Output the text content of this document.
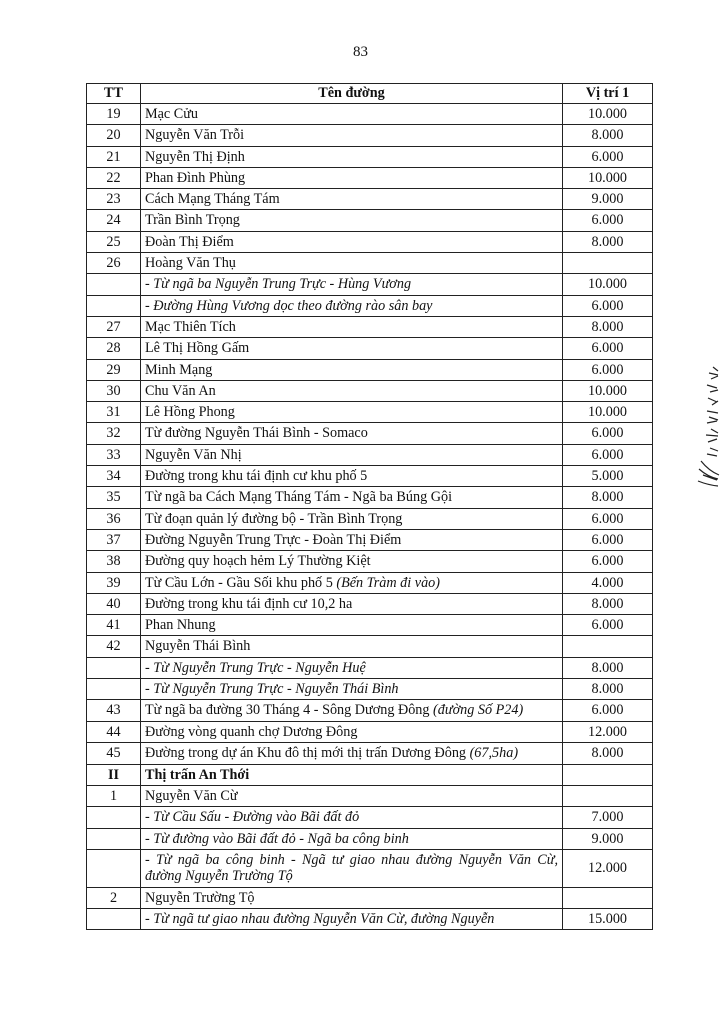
83
TT	Tên đường	Vị trí 1
19	Mạc Cửu	10.000
20	Nguyễn Văn Trỗi	8.000
21	Nguyễn Thị Định	6.000
22	Phan Đình Phùng	10.000
23	Cách Mạng Tháng Tám	9.000
24	Trần Bình Trọng	6.000
25	Đoàn Thị Điểm	8.000
26	Hoàng Văn Thụ	
	- Từ ngã ba Nguyễn Trung Trực - Hùng Vương	10.000
	- Đường Hùng Vương dọc theo đường rào sân bay	6.000
27	Mạc Thiên Tích	8.000
28	Lê Thị Hồng Gấm	6.000
29	Minh Mạng	6.000
30	Chu Văn An	10.000
31	Lê Hồng Phong	10.000
32	Từ đường Nguyễn Thái Bình - Somaco	6.000
33	Nguyễn Văn Nhị	6.000
34	Đường trong khu tái định cư khu phố 5	5.000
35	Từ ngã ba Cách Mạng Tháng Tám - Ngã ba Búng Gội	8.000
36	Từ đoạn quản lý đường bộ - Trần Bình Trọng	6.000
37	Đường Nguyễn Trung Trực - Đoàn Thị Điểm	6.000
38	Đường quy hoạch hẻm Lý Thường Kiệt	6.000
39	Từ Cầu Lớn - Gầu Sối khu phố 5 (Bến Tràm đi vào)	4.000
40	Đường trong khu tái định cư 10,2 ha	8.000
41	Phan Nhung	6.000
42	Nguyễn Thái Bình	
	- Từ Nguyễn Trung Trực - Nguyễn Huệ	8.000
	- Từ Nguyễn Trung Trực - Nguyễn Thái Bình	8.000
43	Từ ngã ba đường 30 Tháng 4 - Sông Dương Đông (đường Số P24)	6.000
44	Đường vòng quanh chợ Dương Đông	12.000
45	Đường trong dự án Khu đô thị mới thị trấn Dương Đông (67,5ha)	8.000
II	Thị trấn An Thới	
1	Nguyễn Văn Cừ	
	- Từ Cầu Sấu - Đường vào Bãi đất đỏ	7.000
	- Từ đường vào Bãi đất đỏ - Ngã ba công binh	9.000
	- Từ ngã ba công binh - Ngã tư giao nhau đường Nguyễn Văn Cừ, đường Nguyễn Trường Tộ	12.000
2	Nguyễn Trường Tộ	
	- Từ ngã tư giao nhau đường Nguyễn Văn Cừ, đường Nguyễn	15.000
